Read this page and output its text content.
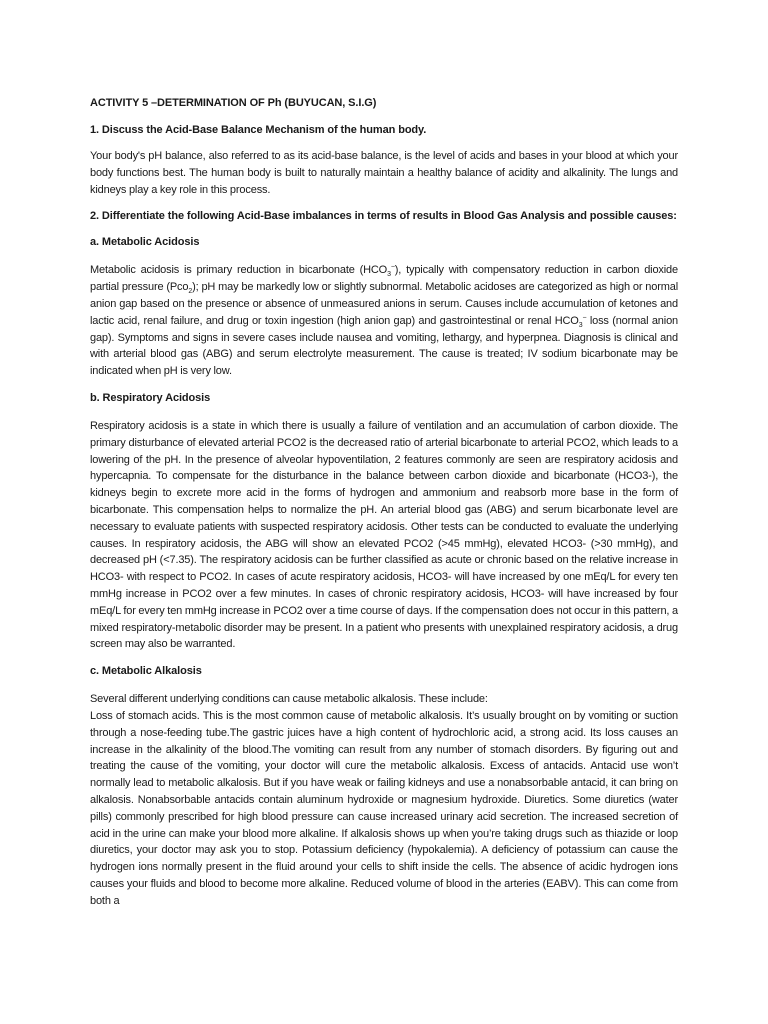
ACTIVITY 5 –DETERMINATION OF Ph (BUYUCAN, S.I.G)
1. Discuss the Acid-Base Balance Mechanism of the human body.

Your body's pH balance, also referred to as its acid-base balance, is the level of acids and bases in your blood at which your body functions best. The human body is built to naturally maintain a healthy balance of acidity and alkalinity. The lungs and kidneys play a key role in this process.

2. Differentiate the following Acid-Base imbalances in terms of results in Blood Gas Analysis and possible causes:
a. Metabolic Acidosis

Metabolic acidosis is primary reduction in bicarbonate $(HCO_3^-)$, typically with compensatory reduction in carbon dioxide partial pressure (Pco$_2$); pH may be markedly low or slightly subnormal. Metabolic acidoses are categorized as high or normal anion gap based on the presence or absence of unmeasured anions in serum. Causes include accumulation of ketones and lactic acid, renal failure, and drug or toxin ingestion (high anion gap) and gastrointestinal or renal $HCO_3^-$ loss (normal anion gap). Symptoms and signs in severe cases include nausea and vomiting, lethargy, and hyperpnea. Diagnosis is clinical and with arterial blood gas (ABG) and serum electrolyte measurement. The cause is treated; IV sodium bicarbonate may be indicated when pH is very low.

b. Respiratory Acidosis

Respiratory acidosis is a state in which there is usually a failure of ventilation and an accumulation of carbon dioxide. The primary disturbance of elevated arterial PCO2 is the decreased ratio of arterial bicarbonate to arterial PCO2, which leads to a lowering of the pH. In the presence of alveolar hypoventilation, 2 features commonly are seen are respiratory acidosis and hypercapnia. To compensate for the disturbance in the balance between carbon dioxide and bicarbonate (HCO3-), the kidneys begin to excrete more acid in the forms of hydrogen and ammonium and reabsorb more base in the form of bicarbonate. This compensation helps to normalize the pH. An arterial blood gas (ABG) and serum bicarbonate level are necessary to evaluate patients with suspected respiratory acidosis. Other tests can be conducted to evaluate the underlying causes. In respiratory acidosis, the ABG will show an elevated PCO2 (>45 mmHg), elevated HCO3- (>30 mmHg), and decreased pH (<7.35). The respiratory acidosis can be further classified as acute or chronic based on the relative increase in HCO3- with respect to PCO2. In cases of acute respiratory acidosis, HCO3- will have increased by one mEq/L for every ten mmHg increase in PCO2 over a few minutes. In cases of chronic respiratory acidosis, HCO3- will have increased by four mEq/L for every ten mmHg increase in PCO2 over a time course of days. If the compensation does not occur in this pattern, a mixed respiratory-metabolic disorder may be present. In a patient who presents with unexplained respiratory acidosis, a drug screen may also be warranted.

c. Metabolic Alkalosis

Several different underlying conditions can cause metabolic alkalosis. These include:

Loss of stomach acids. This is the most common cause of metabolic alkalosis. It’s usually brought on by vomiting or suction through a nose-feeding tube.The gastric juices have a high content of hydrochloric acid, a strong acid. Its loss causes an increase in the alkalinity of the blood.The vomiting can result from any number of stomach disorders. By figuring out and treating the cause of the vomiting, your doctor will cure the metabolic alkalosis. Excess of antacids. Antacid use won’t normally lead to metabolic alkalosis. But if you have weak or failing kidneys and use a nonabsorbable antacid, it can bring on alkalosis. Nonabsorbable antacids contain aluminum hydroxide or magnesium hydroxide. Diuretics. Some diuretics (water pills) commonly prescribed for high blood pressure can cause increased urinary acid secretion. The increased secretion of acid in the urine can make your blood more alkaline. If alkalosis shows up when you’re taking drugs such as thiazide or loop diuretics, your doctor may ask you to stop. Potassium deficiency (hypokalemia). A deficiency of potassium can cause the hydrogen ions normally present in the fluid around your cells to shift inside the cells. The absence of acidic hydrogen ions causes your fluids and blood to become more alkaline. Reduced volume of blood in the arteries (EABV). This can come from both a
